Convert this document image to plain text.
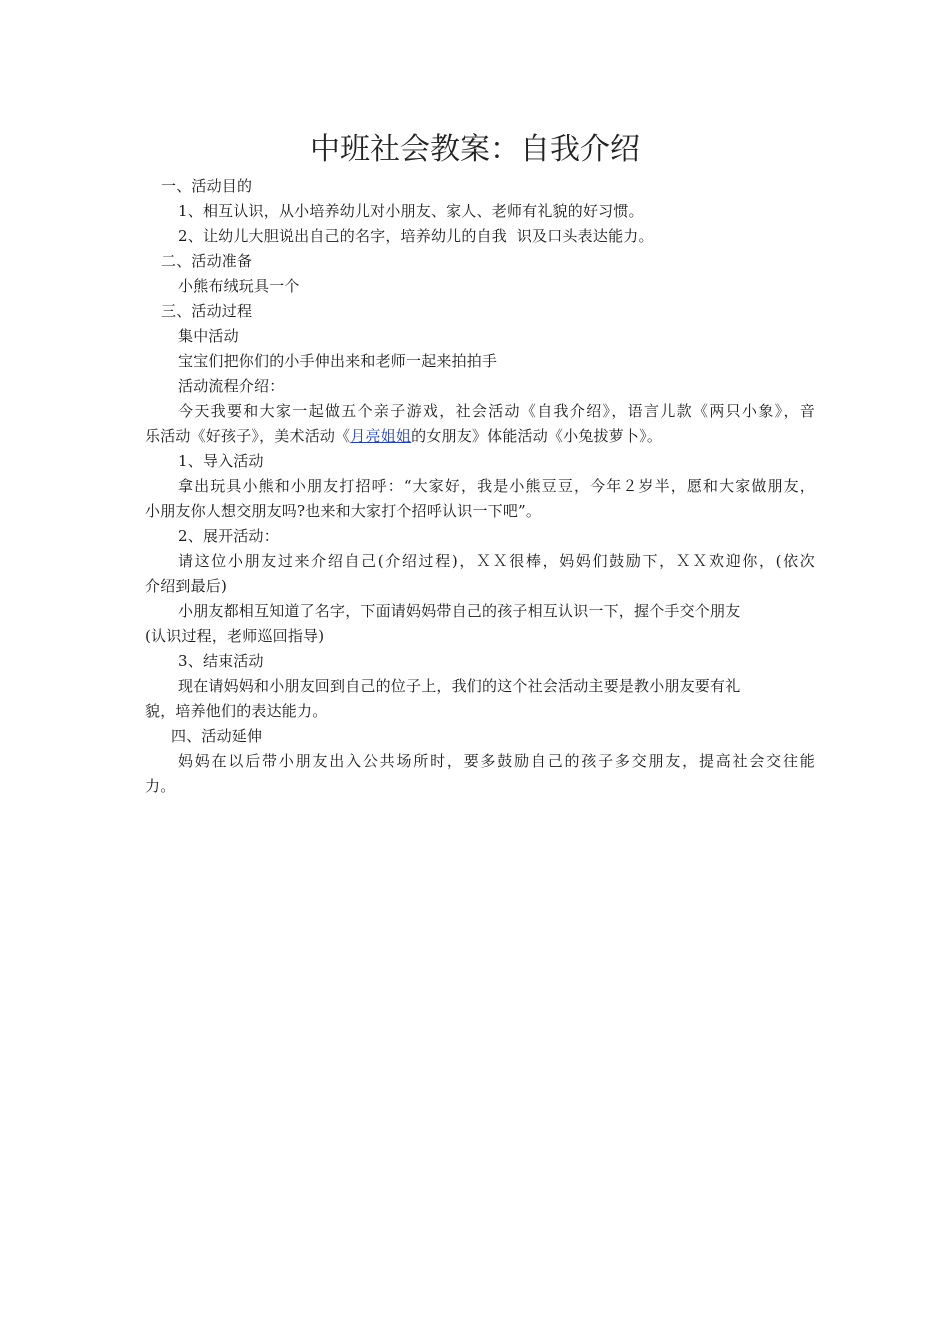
中班社会教案：自我介绍
一、活动目的
1、相互认识，从小培养幼儿对小朋友、家人、老师有礼貌的好习惯。
2、让幼儿大胆说出自己的名字，培养幼儿的自我  识及口头表达能力。
二、活动准备
小熊布绒玩具一个
三、活动过程
集中活动
宝宝们把你们的小手伸出来和老师一起来拍拍手
活动流程介绍：
今天我要和大家一起做五个亲子游戏，社会活动《自我介绍》，语言儿款《两只小象》，音
乐活动《好孩子》，美术活动《月亮姐姐的女朋友》体能活动《小兔拔萝卜》。
1、导入活动
拿出玩具小熊和小朋友打招呼：“大家好，我是小熊豆豆，今年２岁半，愿和大家做朋友，
小朋友你人想交朋友吗?也来和大家打个招呼认识一下吧”。
2、展开活动：
请这位小朋友过来介绍自己(介绍过程)，ＸＸ很棒，妈妈们鼓励下，ＸＸ欢迎你，(依次
介绍到最后)
小朋友都相互知道了名字，下面请妈妈带自己的孩子相互认识一下，握个手交个朋友
(认识过程，老师巡回指导)
3、结束活动
现在请妈妈和小朋友回到自己的位子上，我们的这个社会活动主要是教小朋友要有礼
貌，培养他们的表达能力。
四、活动延伸
妈妈在以后带小朋友出入公共场所时，要多鼓励自己的孩子多交朋友，提高社会交往能
力。
